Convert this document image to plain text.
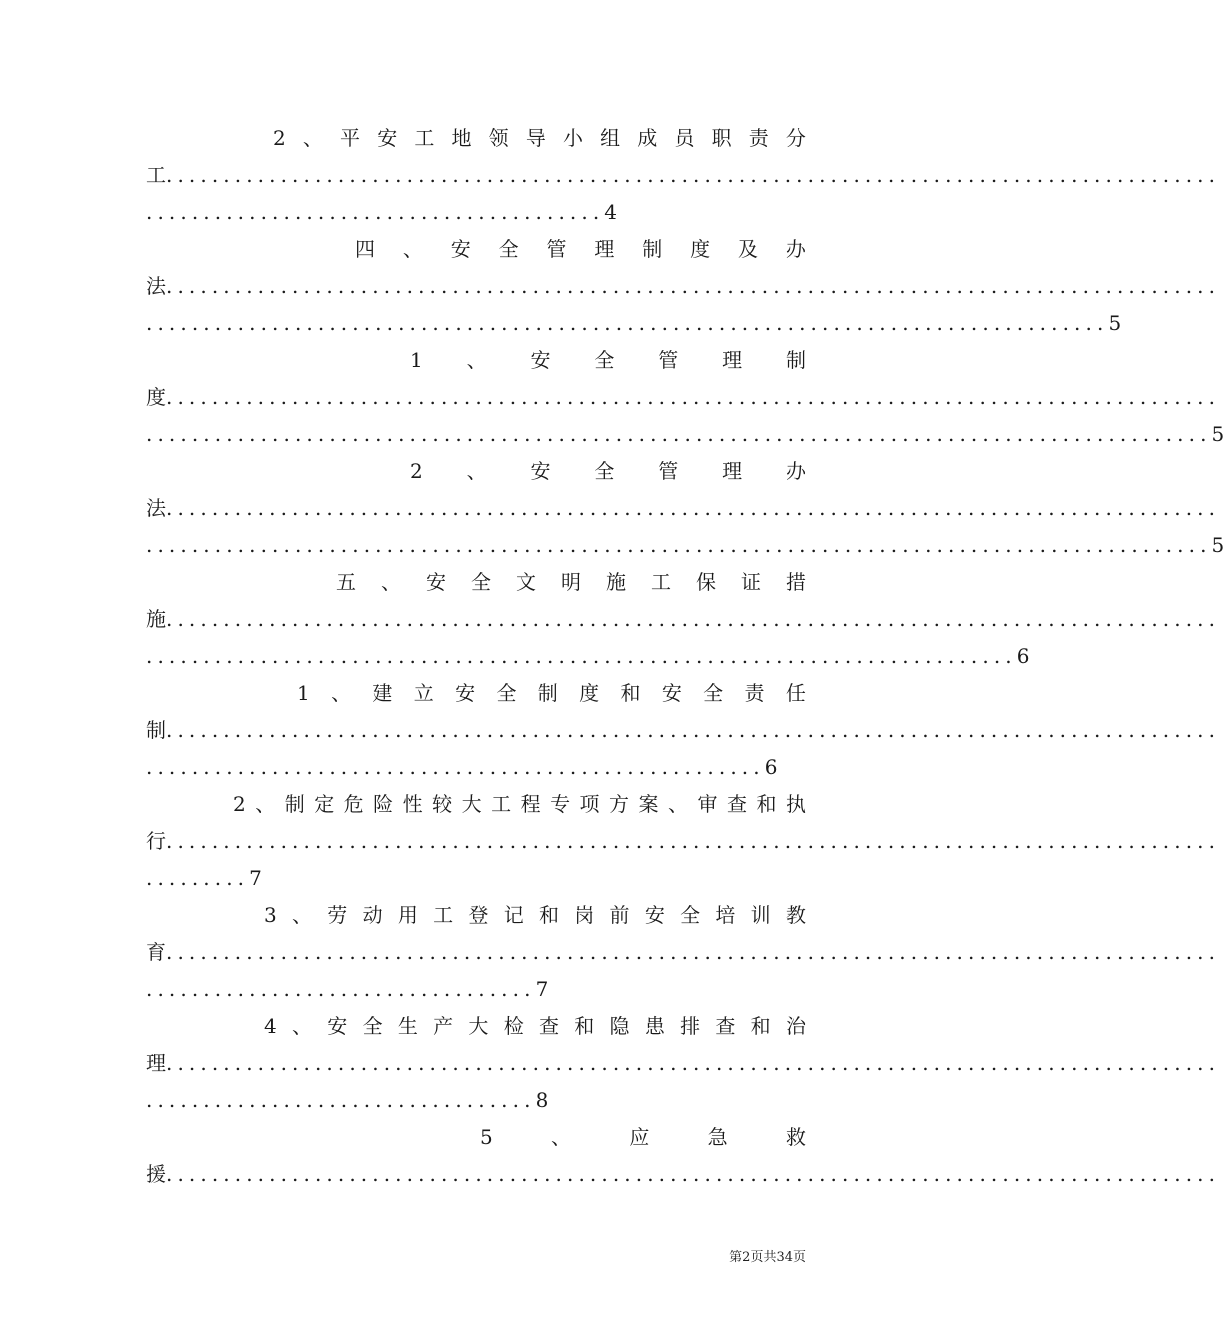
2 、 平 安 工 地 领 导 小 组 成 员 职 责 分
工............................................................................................
........................................4
四 、 安 全 管 理 制 度 及 办
法............................................................................................
....................................................................................5
1 、 安 全 管 理 制
度............................................................................................
.............................................................................................5
2 、 安 全 管 理 办
法............................................................................................
.............................................................................................5
五 、 安 全 文 明 施 工 保 证 措
施............................................................................................
............................................................................6
1 、 建 立 安 全 制 度 和 安 全 责 任
制............................................................................................
......................................................6
2 、 制 定 危 险 性 较 大 工 程 专 项 方 案 、 审 查 和 执
行............................................................................................
.........7
3 、 劳 动 用 工 登 记 和 岗 前 安 全 培 训 教
育............................................................................................
..................................7
4 、 安 全 生 产 大 检 查 和 隐 患 排 查 和 治
理............................................................................................
..................................8
5	、	应	急	救
援............................................................................................
第2页共34页
